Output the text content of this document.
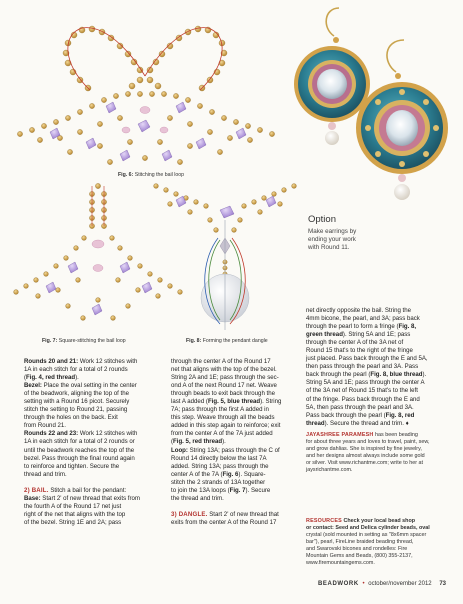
Fig. 6: Stitching the bail loop
Option
Make earrings by
ending your work
with Round 11.
Fig. 7: Square-stitching the bail loop	Fig. 8: Forming the pendant dangle
Rounds 20 and 21: Work 12 stitches with
1A in each stitch for a total of 2 rounds
(Fig. 4, red thread).
Bezel: Place the oval setting in the center
of the beadwork, aligning the top of the
setting with a Round 16 picot. Securely
stitch the setting to Round 21, passing
through the holes on the back. Exit
from Round 21.
Rounds 22 and 23: Work 12 stitches with
1A in each stitch for a total of 2 rounds or
until the beadwork reaches the top of the
bezel. Pass through the final round again
to reinforce and tighten. Secure the
thread and trim.
2) BAIL. Stitch a bail for the pendant:
Base: Start 2' of new thread that exits from
the fourth A of the Round 17 net just
right of the net that aligns with the top
of the bezel. String 1E and 2A; pass
through the center A of the Round 17
net that aligns with the top of the bezel.
String 2A and 1E; pass through the sec-
ond A of the next Round 17 net. Weave
through beads to exit back through the
last A added (Fig. 5, blue thread). String
7A; pass through the first A added in
this step. Weave through all the beads
added in this step again to reinforce; exit
from the center A of the 7A just added
(Fig. 5, red thread).
Loop: String 13A; pass through the C of
Round 14 directly below the last 7A
added. String 13A; pass through the
center A of the 7A (Fig. 6). Square-
stitch the 2 strands of 13A together
to join the 13A loops (Fig. 7). Secure
the thread and trim.
3) DANGLE. Start 2' of new thread that
exits from the center A of the Round 17
net directly opposite the bail. String the
4mm bicone, the pearl, and 3A; pass back
through the pearl to form a fringe (Fig. 8,
green thread). String 5A and 1E; pass
through the center A of the 3A net of
Round 15 that's to the right of the fringe
just placed. Pass back through the E and 5A,
then pass through the pearl and 3A. Pass
back through the pearl (Fig. 8, blue thread).
String 5A and 1E; pass through the center A
of the 3A net of Round 15 that's to the left
of the fringe. Pass back through the E and
5A, then pass through the pearl and 3A.
Pass back through the pearl (Fig. 8, red
thread). Secure the thread and trim. ♦
JAYASHREE PARAMESH has been beading
for about three years and loves to travel, paint, sew,
and grow dahlias. She is inspired by fine jewelry,
and her designs almost always include some gold
or silver. Visit www.richantme.com; write to her at
jaysrichantme.com.
RESOURCES Check your local bead shop
or contact: Seed and Delica cylinder beads, oval
crystal (sold mounted in setting as "8x6mm spacer
bar"), pearl, FireLine braided beading thread,
and Swarovski bicones and rondelles: Fire
Mountain Gems and Beads, (800) 355-2137,
www.firemountaingems.com.
BEADWORK • october/november 2012 73
